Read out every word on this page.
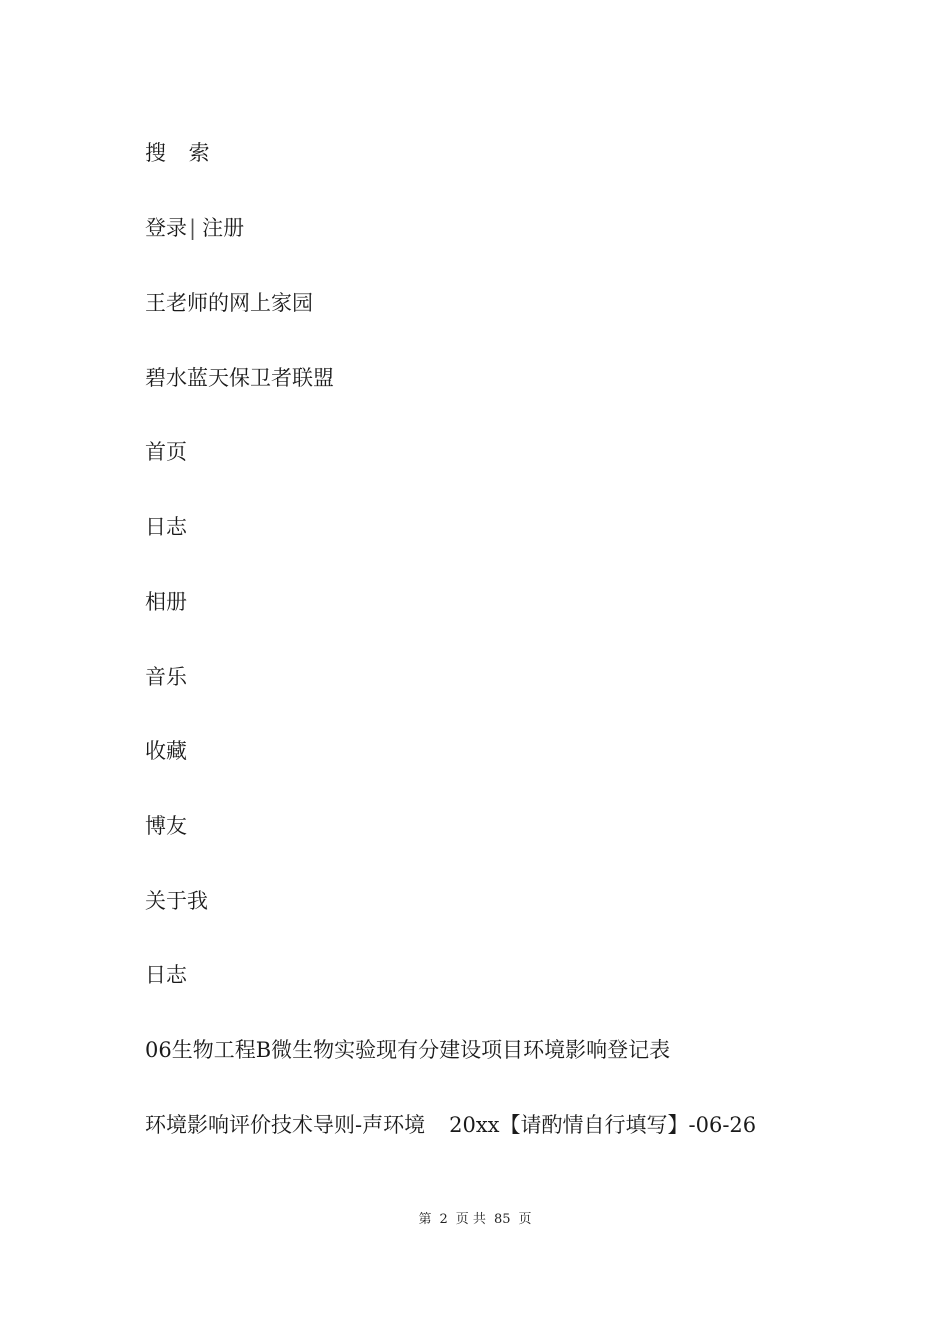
搜 索
登录| 注册
王老师的网上家园
碧水蓝天保卫者联盟
首页
日志
相册
音乐
收藏
博友
关于我
日志
06生物工程B微生物实验现有分建设项目环境影响登记表
环境影响评价技术导则-声环境 20xx【请酌情自行填写】-06-26
第 2 页 共 85 页
